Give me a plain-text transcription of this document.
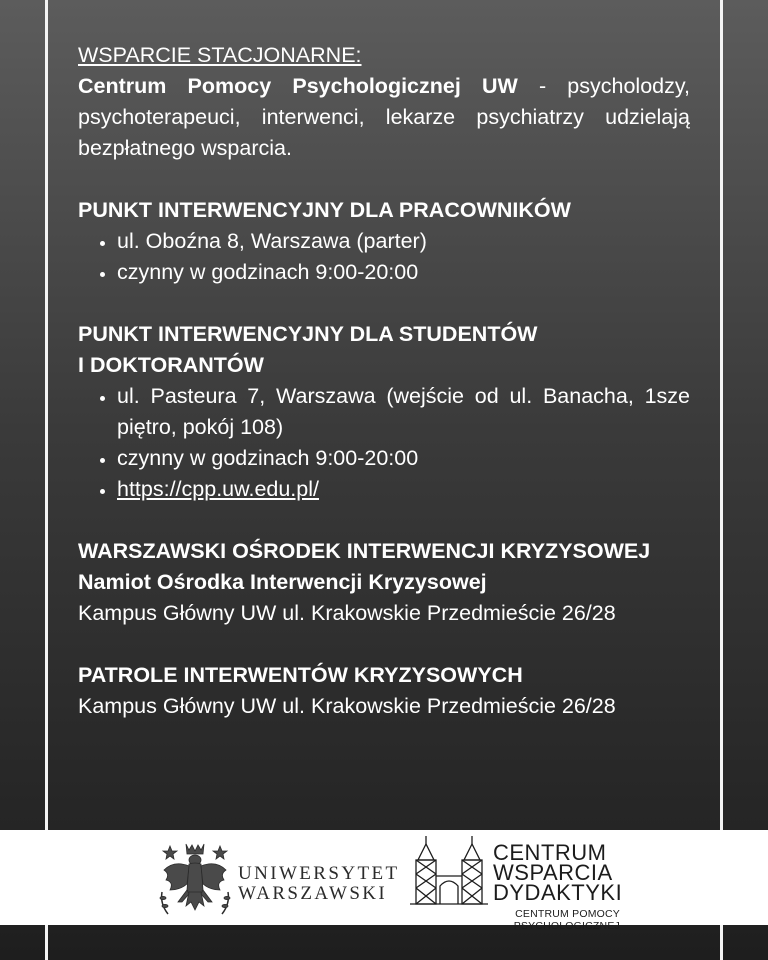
WSPARCIE STACJONARNE:
Centrum Pomocy Psychologicznej UW - psycholodzy, psychoterapeuci, interwenci, lekarze psychiatrzy udzielają bezpłatnego wsparcia.
PUNKT INTERWENCYJNY DLA PRACOWNIKÓW
• ul. Oboźna 8, Warszawa (parter)
• czynny w godzinach 9:00-20:00
PUNKT INTERWENCYJNY DLA STUDENTÓW
I DOKTORANTÓW
• ul. Pasteura 7, Warszawa (wejście od ul. Banacha, 1sze piętro, pokój 108)
• czynny w godzinach 9:00-20:00
• https://cpp.uw.edu.pl/
WARSZAWSKI OŚRODEK INTERWENCJI KRYZYSOWEJ
Namiot Ośrodka Interwencji Kryzysowej
Kampus Główny UW ul. Krakowskie Przedmieście 26/28
PATROLE INTERWENTÓW KRYZYSOWYCH
Kampus Główny UW ul. Krakowskie Przedmieście 26/28
UNIWERSYTET
WARSZAWSKI
CENTRUM
WSPARCIA
DYDAKTYKI
CENTRUM POMOCY PSYCHOLOGICZNEJ
